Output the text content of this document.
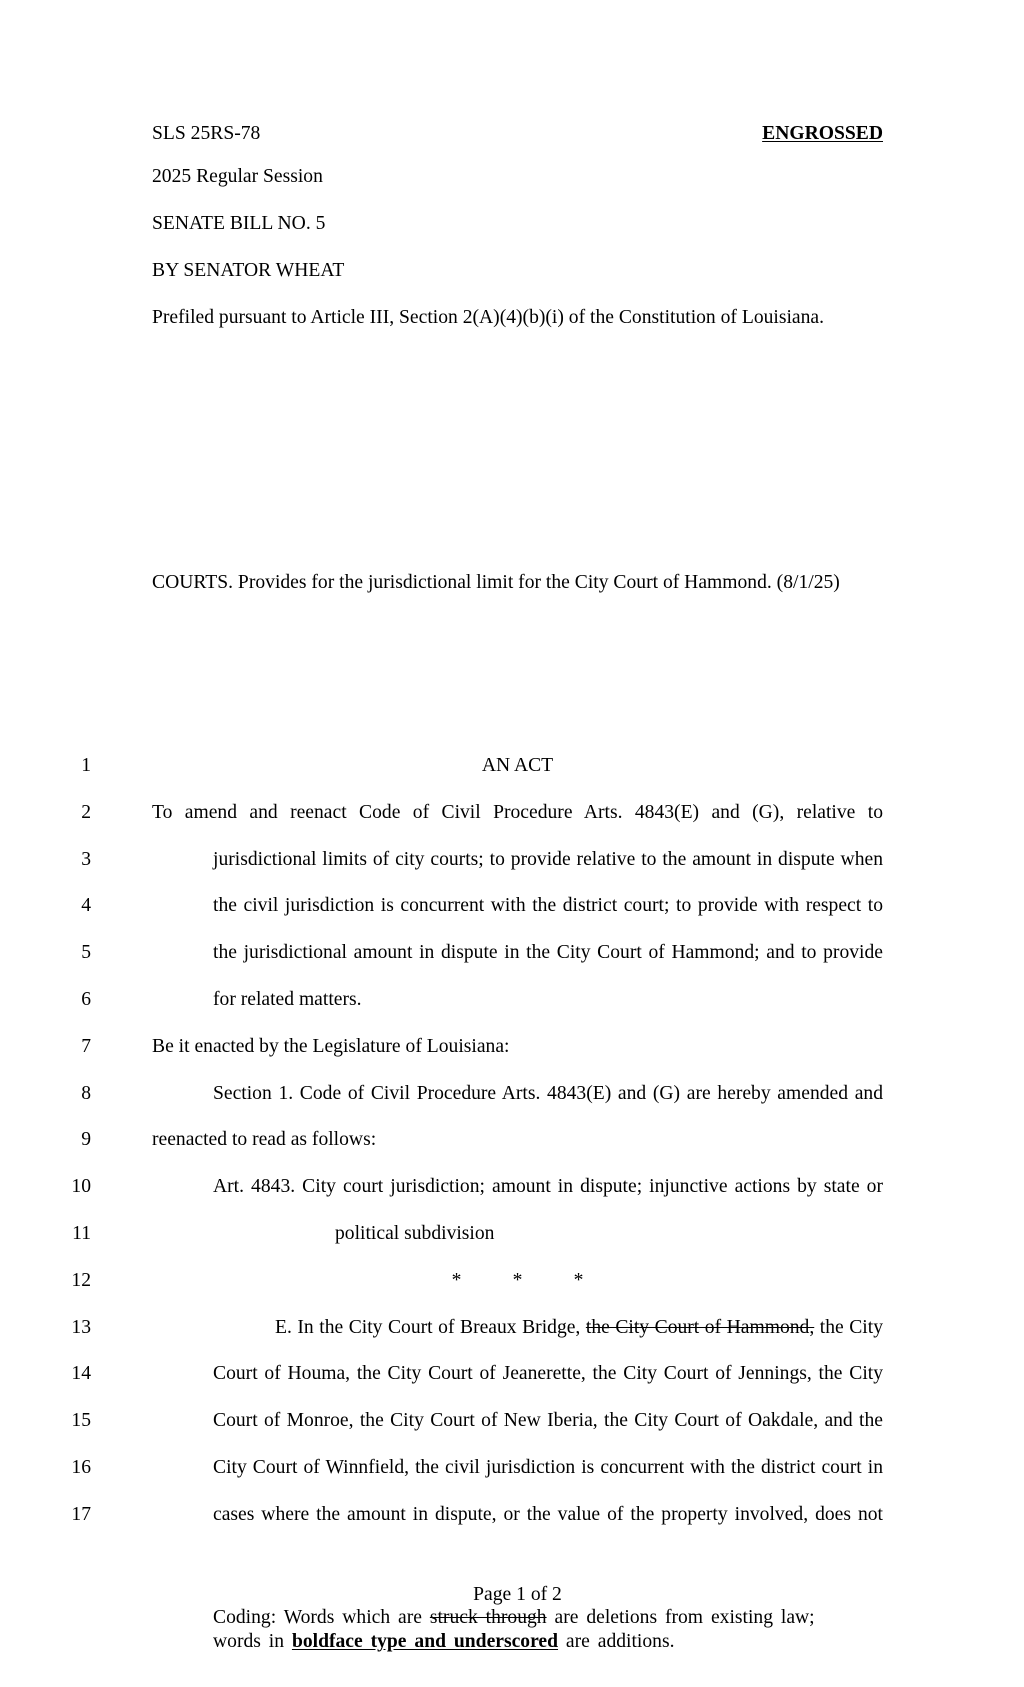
SLS 25RS-78	ENGROSSED
2025 Regular Session
SENATE BILL NO. 5
BY SENATOR WHEAT
Prefiled pursuant to Article III, Section 2(A)(4)(b)(i) of the Constitution of Louisiana.
COURTS. Provides for the jurisdictional limit for the City Court of Hammond. (8/1/25)
1	AN ACT
2	To amend and reenact Code of Civil Procedure Arts. 4843(E) and (G), relative to
3	jurisdictional limits of city courts; to provide relative to the amount in dispute when
4	the civil jurisdiction is concurrent with the district court; to provide with respect to
5	the jurisdictional amount in dispute in the City Court of Hammond; and to provide
6	for related matters.
7	Be it enacted by the Legislature of Louisiana:
8	Section 1. Code of Civil Procedure Arts. 4843(E) and (G) are hereby amended and
9	reenacted to read as follows:
10	Art. 4843. City court jurisdiction; amount in dispute; injunctive actions by state or
11	political subdivision
12	*	*	*
13	E. In the City Court of Breaux Bridge, the City Court of Hammond, the City
14	Court of Houma, the City Court of Jeanerette, the City Court of Jennings, the City
15	Court of Monroe, the City Court of New Iberia, the City Court of Oakdale, and the
16	City Court of Winnfield, the civil jurisdiction is concurrent with the district court in
17	cases where the amount in dispute, or the value of the property involved, does not
Page 1 of 2
Coding: Words which are struck through are deletions from existing law;
words in boldface type and underscored are additions.
